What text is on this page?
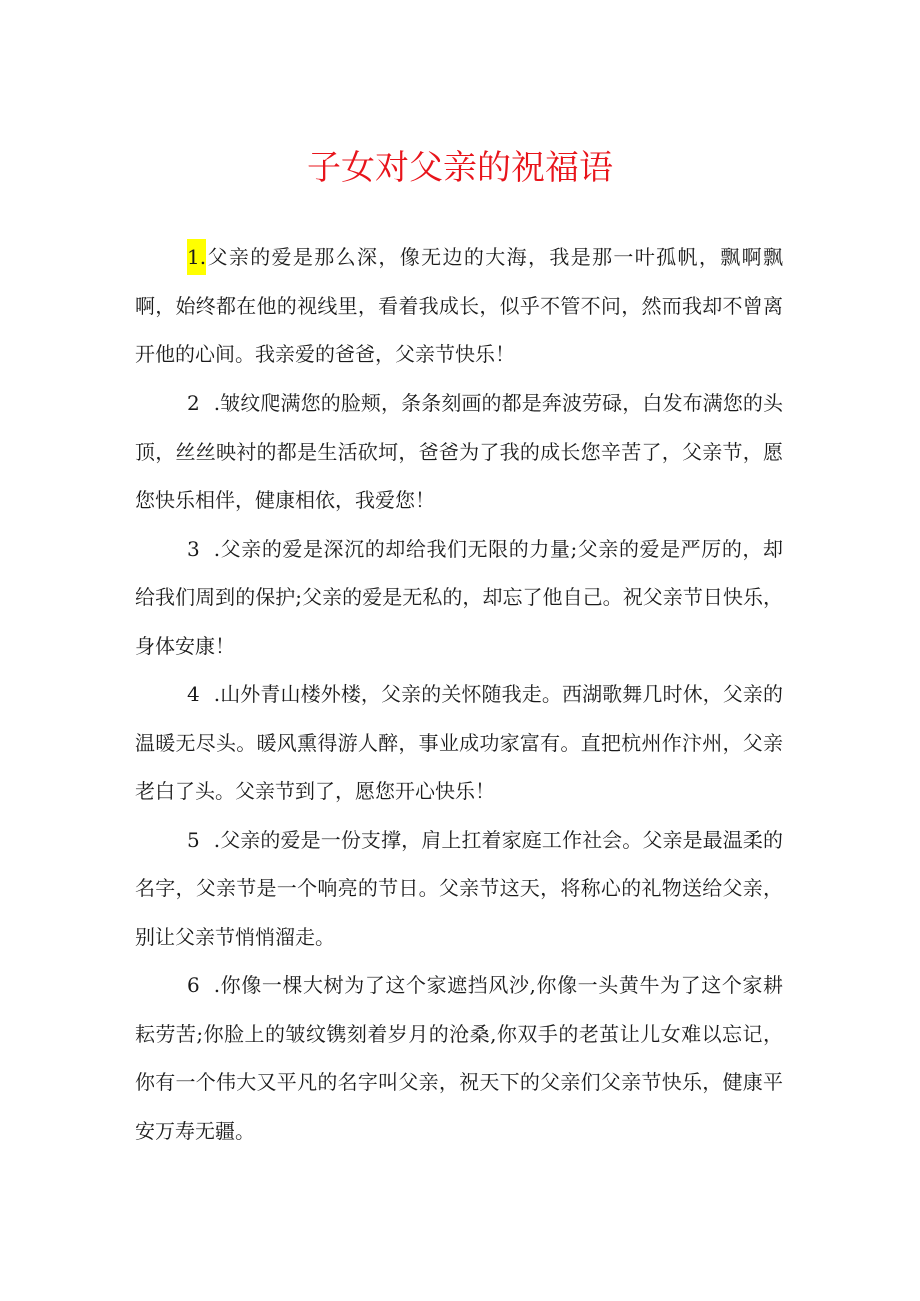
子女对父亲的祝福语

1.父亲的爱是那么深，像无边的大海，我是那一叶孤帆，飘啊飘啊，始终都在他的视线里，看着我成长，似乎不管不问，然而我却不曾离开他的心间。我亲爱的爸爸，父亲节快乐！

2 .皱纹爬满您的脸颊，条条刻画的都是奔波劳碌，白发布满您的头顶，丝丝映衬的都是生活砍坷，爸爸为了我的成长您辛苦了，父亲节，愿您快乐相伴，健康相依，我爱您！

3 .父亲的爱是深沉的却给我们无限的力量;父亲的爱是严厉的，却给我们周到的保护;父亲的爱是无私的，却忘了他自己。祝父亲节日快乐，身体安康！

4 .山外青山楼外楼，父亲的关怀随我走。西湖歌舞几时休，父亲的温暖无尽头。暖风熏得游人醉，事业成功家富有。直把杭州作汴州，父亲老白了头。父亲节到了，愿您开心快乐！

5 .父亲的爱是一份支撑，肩上扛着家庭工作社会。父亲是最温柔的名字，父亲节是一个响亮的节日。父亲节这天，将称心的礼物送给父亲，别让父亲节悄悄溜走。

6 .你像一棵大树为了这个家遮挡风沙,你像一头黄牛为了这个家耕耘劳苦;你脸上的皱纹镌刻着岁月的沧桑,你双手的老茧让儿女难以忘记，你有一个伟大又平凡的名字叫父亲，祝天下的父亲们父亲节快乐，健康平安万寿无疆。
